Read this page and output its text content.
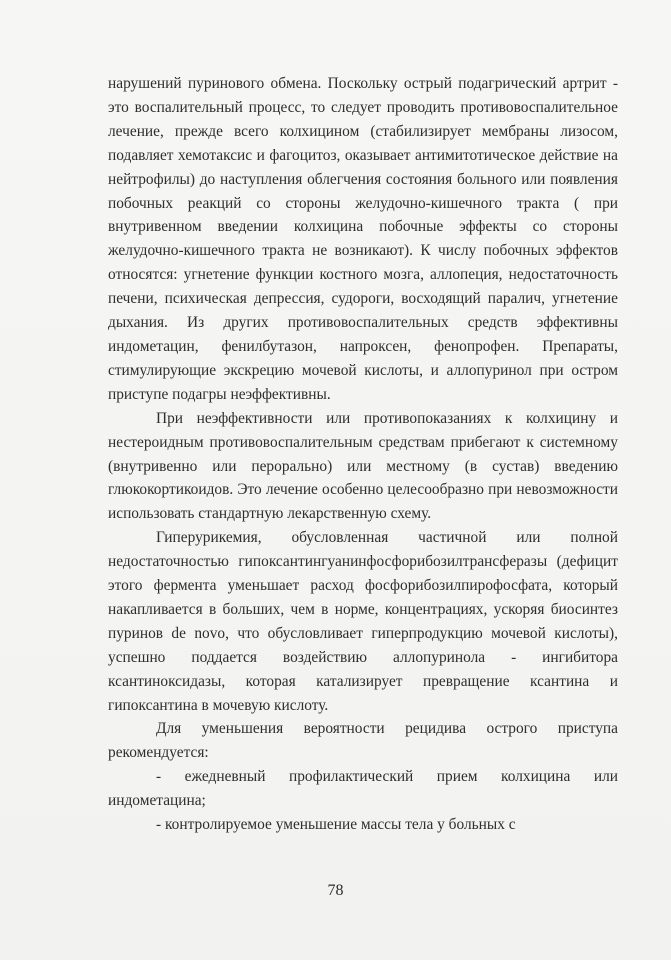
нарушений пуринового обмена. Поскольку острый подагрический артрит - это воспалительный процесс, то следует проводить противовоспалительное лечение, прежде всего колхицином (стабилизирует мембраны лизосом, подавляет хемотаксис и фагоцитоз, оказывает антимитотическое действие на нейтрофилы) до наступления облегчения состояния больного или появления побочных реакций со стороны желудочно-кишечного тракта ( при внутривенном введении колхицина побочные эффекты со стороны желудочно-кишечного тракта не возникают). К числу побочных эффектов относятся: угнетение функции костного мозга, аллопеция, недостаточность печени, психическая депрессия, судороги, восходящий паралич, угнетение дыхания. Из других противовоспалительных средств эффективны индометацин, фенилбутазон, напроксен, фенопрофен. Препараты, стимулирующие экскрецию мочевой кислоты, и аллопуринол при остром приступе подагры неэффективны.

При неэффективности или противопоказаниях к колхицину и нестероидным противовоспалительным средствам прибегают к системному (внутривенно или перорально) или местному (в сустав) введению глюкокортикоидов. Это лечение особенно целесообразно при невозможности использовать стандартную лекарственную схему.

Гиперурикемия, обусловленная частичной или полной недостаточностью гипоксантингуанинфосфорибозилтрансферазы (дефицит этого фермента уменьшает расход фосфорибозилпирофосфата, который накапливается в больших, чем в норме, концентрациях, ускоряя биосинтез пуринов de novo, что обусловливает гиперпродукцию мочевой кислоты), успешно поддается воздействию аллопуринола - ингибитора ксантиноксидазы, которая катализирует превращение ксантина и гипоксантина в мочевую кислоту.

Для уменьшения вероятности рецидива острого приступа рекомендуется:

- ежедневный профилактический прием колхицина или индометацина;

- контролируемое уменьшение массы тела у больных с

78
